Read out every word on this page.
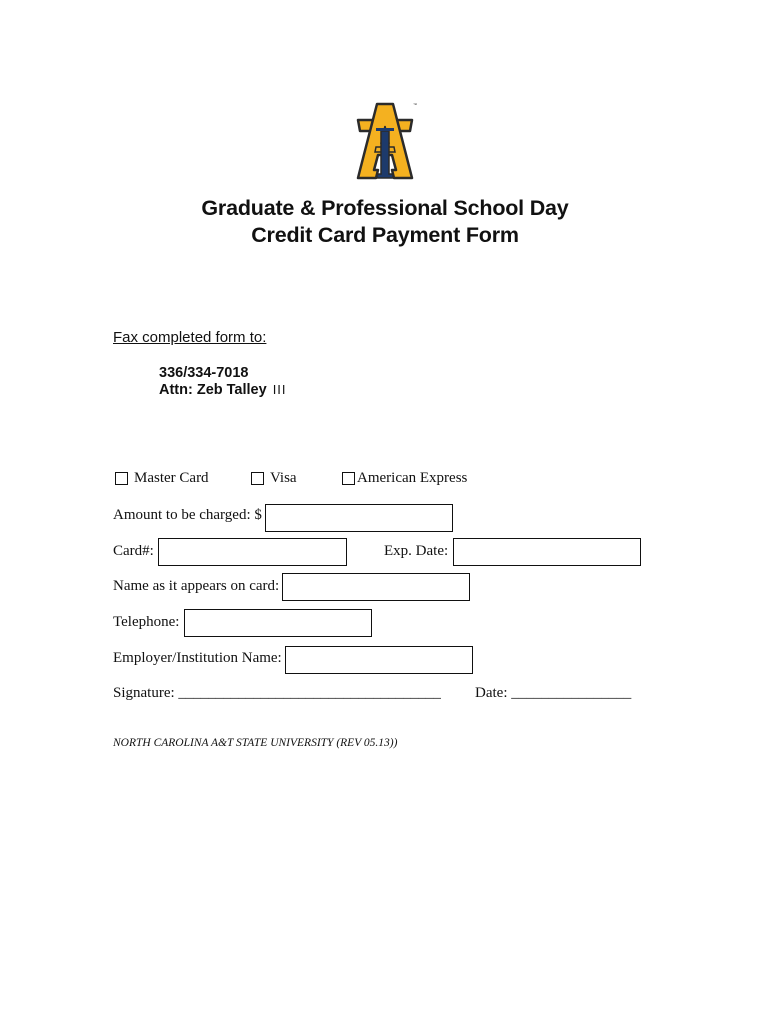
™
Graduate & Professional School Day
Credit Card Payment Form
Fax completed form to:
336/334-7018
Attn: Zeb Talley III
Master Card	Visa	American Express
Amount to be charged: $
Card#:	Exp. Date:
Name as it appears on card:
Telephone:
Employer/Institution Name:
Signature: ___________________________________ Date: ________________
NORTH CAROLINA A&T STATE UNIVERSITY (REV 05.13))
